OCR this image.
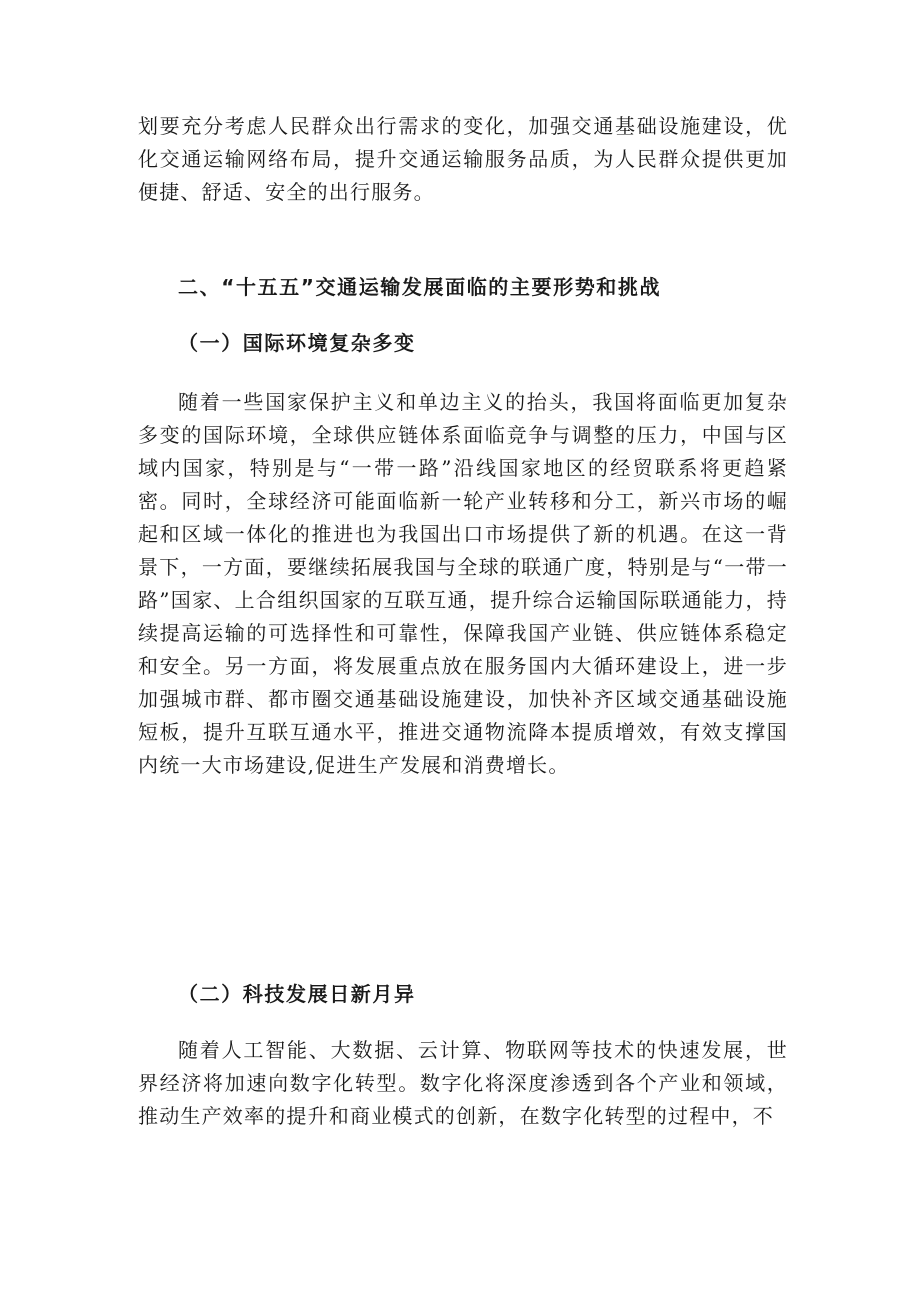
划要充分考虑人民群众出行需求的变化，加强交通基础设施建设，优化交通运输网络布局，提升交通运输服务品质，为人民群众提供更加便捷、舒适、安全的出行服务。

二、“十五五”交通运输发展面临的主要形势和挑战

（一）国际环境复杂多变

随着一些国家保护主义和单边主义的抬头，我国将面临更加复杂多变的国际环境，全球供应链体系面临竞争与调整的压力，中国与区域内国家，特别是与“一带一路”沿线国家地区的经贸联系将更趋紧密。同时，全球经济可能面临新一轮产业转移和分工，新兴市场的崛起和区域一体化的推进也为我国出口市场提供了新的机遇。在这一背景下，一方面，要继续拓展我国与全球的联通广度，特别是与“一带一路”国家、上合组织国家的互联互通，提升综合运输国际联通能力，持续提高运输的可选择性和可靠性，保障我国产业链、供应链体系稳定和安全。另一方面，将发展重点放在服务国内大循环建设上，进一步加强城市群、都市圈交通基础设施建设，加快补齐区域交通基础设施短板，提升互联互通水平，推进交通物流降本提质增效，有效支撑国内统一大市场建设,促进生产发展和消费增长。

（二）科技发展日新月异

随着人工智能、大数据、云计算、物联网等技术的快速发展，世界经济将加速向数字化转型。数字化将深度渗透到各个产业和领域，推动生产效率的提升和商业模式的创新，在数字化转型的过程中，不
